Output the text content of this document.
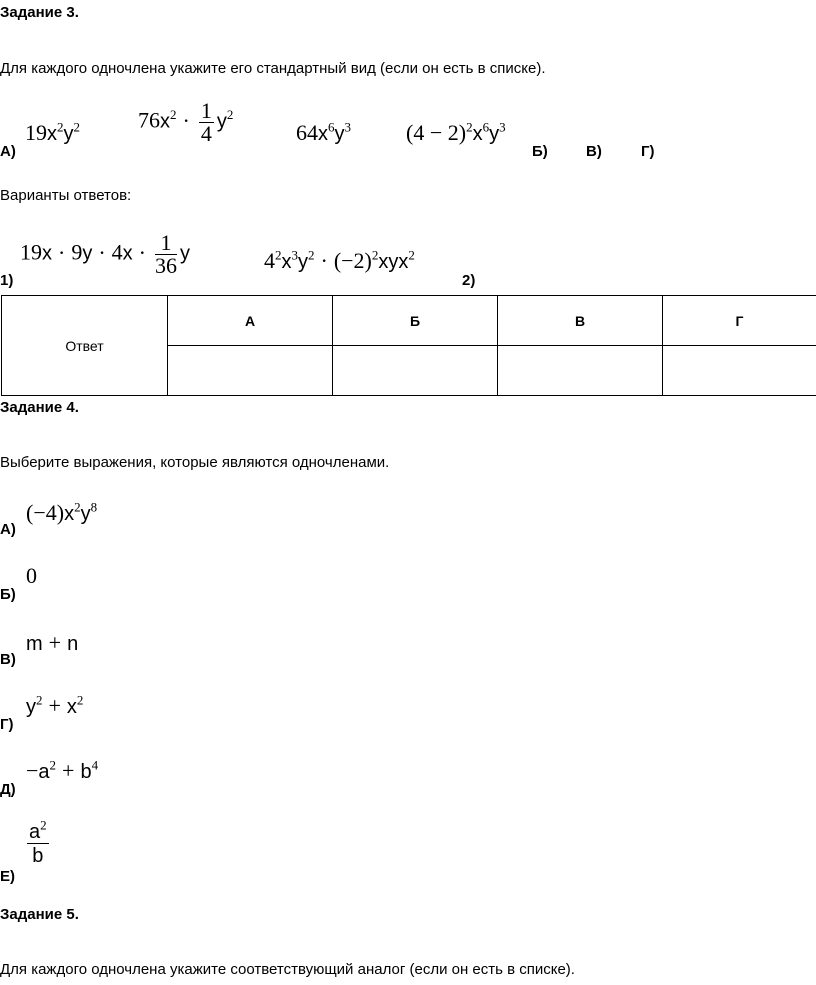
Задание 3.
Для каждого одночлена укажите его стандартный вид (если он есть в списке).
$19x^2y^2$	$76x^2 \cdot \frac{1}{4} y^2$
$64x^6y^3$	$(4 - 2)^2x^6y^3$
А)	Б)	В)	Г)
Варианты ответов:
$19x \cdot 9y \cdot 4x \cdot \frac{1}{36}$ y	$4^2x^3y^2 \cdot (-2)^2xyx^2$
1)	2)
Ответ	А	Б	В	Г

Задание 4.
Выберите выражения, которые являются одночленами.
$(-4)x^2y^8$
А)
0
Б)
m + n
В)
$y^2 + x^2$
Г)
$-a^2 + b^4$
Д)
$\frac{a^2}{b}$
Е)
Задание 5.
Для каждого одночлена укажите соответствующий аналог (если он есть в списке).
